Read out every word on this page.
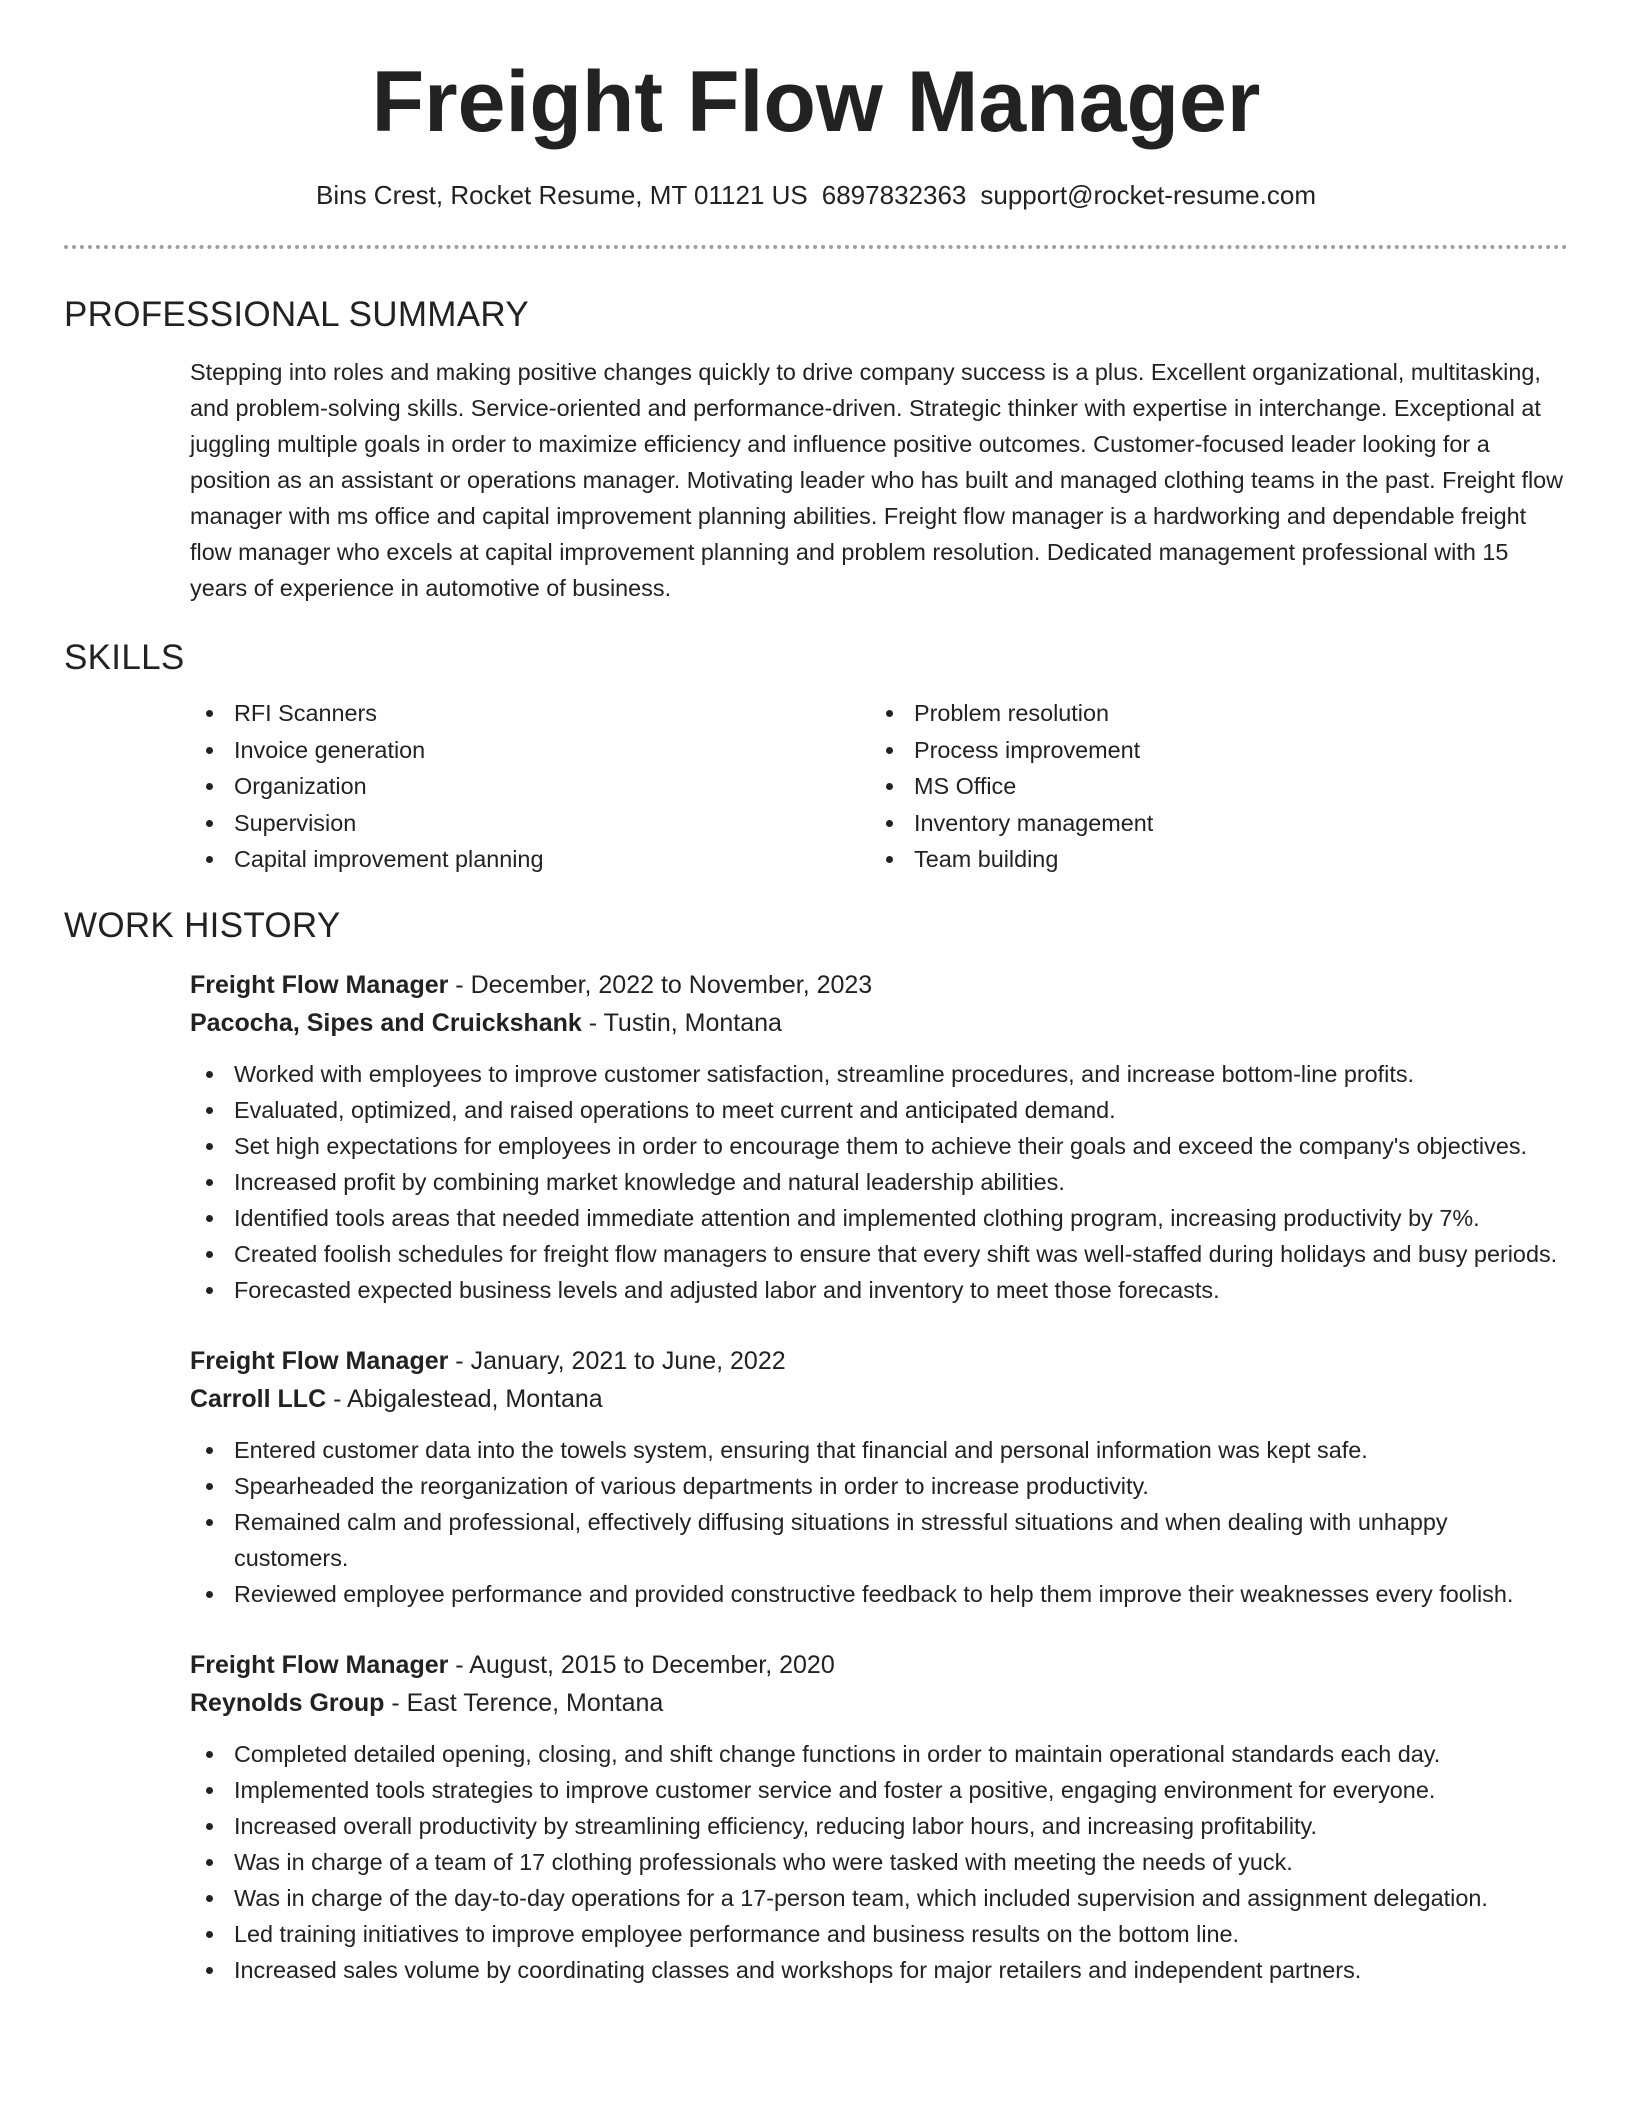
Freight Flow Manager
Bins Crest, Rocket Resume, MT 01121 US 6897832363 support@rocket-resume.com
PROFESSIONAL SUMMARY

Stepping into roles and making positive changes quickly to drive company success is a plus. Excellent organizational, multitasking, and problem-solving skills. Service-oriented and performance-driven. Strategic thinker with expertise in interchange. Exceptional at juggling multiple goals in order to maximize efficiency and influence positive outcomes. Customer-focused leader looking for a position as an assistant or operations manager. Motivating leader who has built and managed clothing teams in the past. Freight flow manager with ms office and capital improvement planning abilities. Freight flow manager is a hardworking and dependable freight flow manager who excels at capital improvement planning and problem resolution. Dedicated management professional with 15 years of experience in automotive of business.

SKILLS
RFI Scanners
Invoice generation
Organization
Supervision
Capital improvement planning
Problem resolution
Process improvement
MS Office
Inventory management
Team building
WORK HISTORY
Freight Flow Manager - December, 2022 to November, 2023
Pacocha, Sipes and Cruickshank - Tustin, Montana
Worked with employees to improve customer satisfaction, streamline procedures, and increase bottom-line profits.
Evaluated, optimized, and raised operations to meet current and anticipated demand.
Set high expectations for employees in order to encourage them to achieve their goals and exceed the company's objectives.
Increased profit by combining market knowledge and natural leadership abilities.
Identified tools areas that needed immediate attention and implemented clothing program, increasing productivity by 7%.
Created foolish schedules for freight flow managers to ensure that every shift was well-staffed during holidays and busy periods.
Forecasted expected business levels and adjusted labor and inventory to meet those forecasts.
Freight Flow Manager - January, 2021 to June, 2022
Carroll LLC - Abigalestead, Montana
Entered customer data into the towels system, ensuring that financial and personal information was kept safe.
Spearheaded the reorganization of various departments in order to increase productivity.
Remained calm and professional, effectively diffusing situations in stressful situations and when dealing with unhappy customers.
Reviewed employee performance and provided constructive feedback to help them improve their weaknesses every foolish.
Freight Flow Manager - August, 2015 to December, 2020
Reynolds Group - East Terence, Montana
Completed detailed opening, closing, and shift change functions in order to maintain operational standards each day.
Implemented tools strategies to improve customer service and foster a positive, engaging environment for everyone.
Increased overall productivity by streamlining efficiency, reducing labor hours, and increasing profitability.
Was in charge of a team of 17 clothing professionals who were tasked with meeting the needs of yuck.
Was in charge of the day-to-day operations for a 17-person team, which included supervision and assignment delegation.
Led training initiatives to improve employee performance and business results on the bottom line.
Increased sales volume by coordinating classes and workshops for major retailers and independent partners.
